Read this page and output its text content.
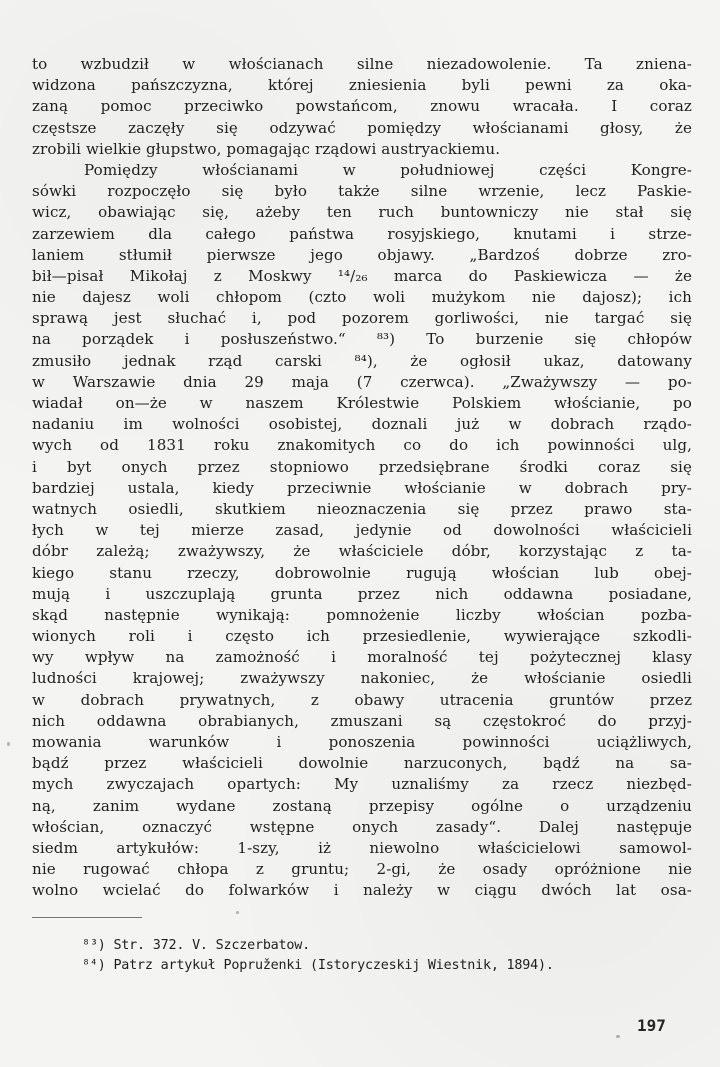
to wzbudził w włościanach silne niezadowolenie. Ta zniena-
widzona pańszczyzna, której zniesienia byli pewni za oka-
zaną pomoc przeciwko powstańcom, znowu wracała. I coraz
częstsze zaczęły się odzywać pomiędzy włościanami głosy, że
zrobili wielkie głupstwo, pomagając rządowi austryackiemu.
Pomiędzy włościanami w południowej części Kongre-
sówki rozpoczęło się było także silne wrzenie, lecz Paskie-
wicz, obawiając się, ażeby ten ruch buntowniczy nie stał się
zarzewiem dla całego państwa rosyjskiego, knutami i strze-
laniem stłumił pierwsze jego objawy. „Bardzoś dobrze zro-
bił—pisał Mikołaj z Moskwy ¹⁴/₂₆ marca do Paskiewicza — że
nie dajesz woli chłopom (czto woli mużykom nie dajosz); ich
sprawą jest słuchać i, pod pozorem gorliwości, nie targać się
na porządek i posłuszeństwo.“ ⁸³) To burzenie się chłopów
zmusiło jednak rząd carski ⁸⁴), że ogłosił ukaz, datowany
w Warszawie dnia 29 maja (7 czerwca). „Zważywszy — po-
wiadał on—że w naszem Królestwie Polskiem włościanie, po
nadaniu im wolności osobistej, doznali już w dobrach rządo-
wych od 1831 roku znakomitych co do ich powinności ulg,
i byt onych przez stopniowo przedsiębrane środki coraz się
bardziej ustala, kiedy przeciwnie włościanie w dobrach pry-
watnych osiedli, skutkiem nieoznaczenia się przez prawo sta-
łych w tej mierze zasad, jedynie od dowolności właścicieli
dóbr zależą; zważywszy, że właściciele dóbr, korzystając z ta-
kiego stanu rzeczy, dobrowolnie rugują włościan lub obej-
mują i uszczuplają grunta przez nich oddawna posiadane,
skąd następnie wynikają: pomnożenie liczby włościan pozba-
wionych roli i często ich przesiedlenie, wywierające szkodli-
wy wpływ na zamożność i moralność tej pożytecznej klasy
ludności krajowej; zważywszy nakoniec, że włościanie osiedli
w dobrach prywatnych, z obawy utracenia gruntów przez
nich oddawna obrabianych, zmuszani są częstokroć do przyj-
mowania warunków i ponoszenia powinności uciążliwych,
bądź przez właścicieli dowolnie narzuconych, bądź na sa-
mych zwyczajach opartych: My uznaliśmy za rzecz niezbęd-
ną, zanim wydane zostaną przepisy ogólne o urządzeniu
włościan, oznaczyć wstępne onych zasady“. Dalej następuje
siedm artykułów: 1-szy, iż niewolno właścicielowi samowol-
nie rugować chłopa z gruntu; 2-gi, że osady opróżnione nie
wolno wcielać do folwarków i należy w ciągu dwóch lat osa-
⁸³) Str. 372. V. Szczerbatow.
⁸⁴) Patrz artykuł Popruženki (Istoryczeskij Wiestnik, 1894).
197
